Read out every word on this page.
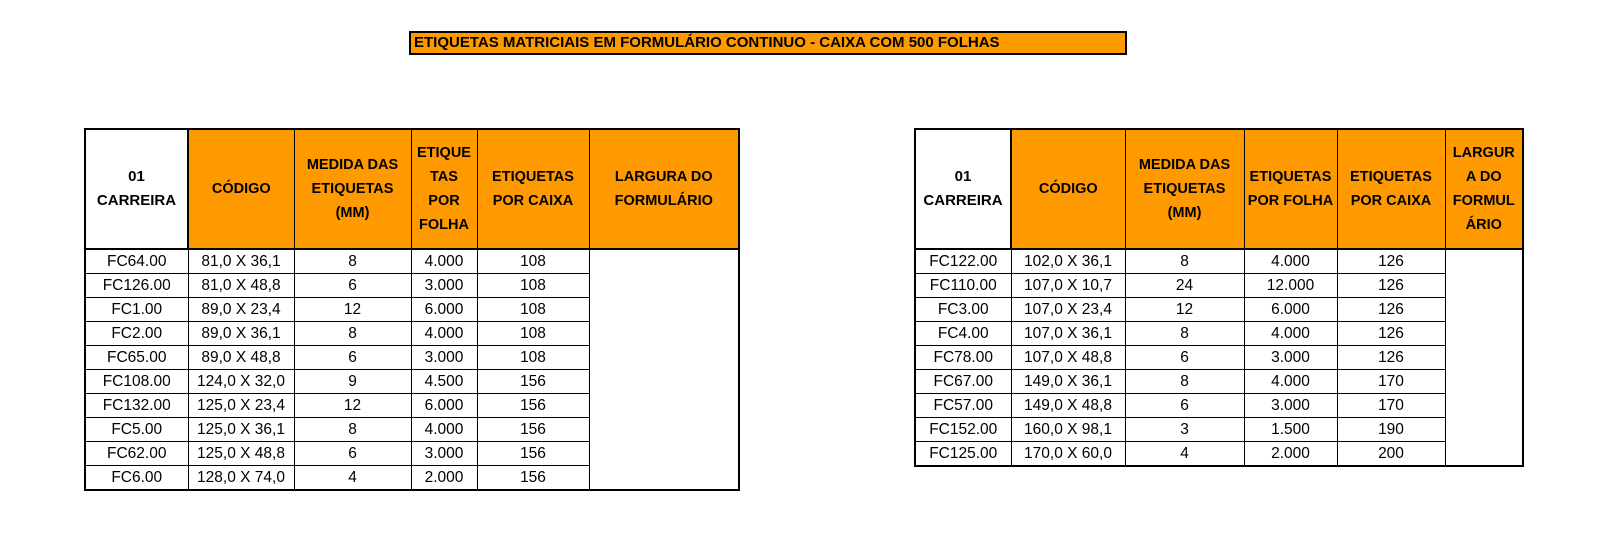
ETIQUETAS MATRICIAIS EM FORMULÁRIO CONTINUO - CAIXA COM 500 FOLHAS
01
CARREIRA	CÓDIGO	MEDIDA DAS ETIQUETAS (MM)	ETIQUE TAS POR FOLHA	ETIQUETAS POR CAIXA	LARGURA DO FORMULÁRIO
FC64.00	81,0 X 36,1	8	4.000	108	
FC126.00	81,0 X 48,8	6	3.000	108	
FC1.00	89,0 X 23,4	12	6.000	108	
FC2.00	89,0 X 36,1	8	4.000	108	
FC65.00	89,0 X 48,8	6	3.000	108	
FC108.00	124,0 X 32,0	9	4.500	156	
FC132.00	125,0 X 23,4	12	6.000	156	
FC5.00	125,0 X 36,1	8	4.000	156	
FC62.00	125,0 X 48,8	6	3.000	156	
FC6.00	128,0 X 74,0	4	2.000	156	
01
CARREIRA	CÓDIGO	MEDIDA DAS ETIQUETAS (MM)	ETIQUETAS POR FOLHA	ETIQUETAS POR CAIXA	LARGUR A DO FORMUL ÁRIO
FC122.00	102,0 X 36,1	8	4.000	126	
FC110.00	107,0 X 10,7	24	12.000	126	
FC3.00	107,0 X 23,4	12	6.000	126	
FC4.00	107,0 X 36,1	8	4.000	126	
FC78.00	107,0 X 48,8	6	3.000	126	
FC67.00	149,0 X 36,1	8	4.000	170	
FC57.00	149,0 X 48,8	6	3.000	170	
FC152.00	160,0 X 98,1	3	1.500	190	
FC125.00	170,0 X 60,0	4	2.000	200	
